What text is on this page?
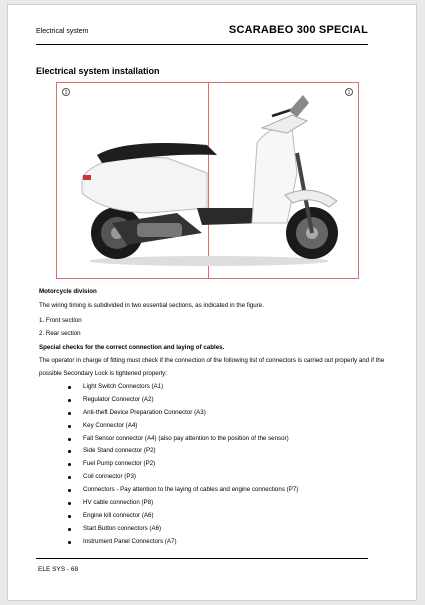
Electrical system	SCARABEO 300 SPECIAL
Electrical system installation
2	1
Motorcycle division
The wiring timing is subdivided in two essential sections, as indicated in the figure.
1. Front section
2. Rear section
Special checks for the correct connection and laying of cables.
The operator in charge of fitting must check if the connection of the following list of connectors is carried out properly and if the possible Secondary Lock is tightened properly:
Light Switch Connectors (A1)
Regulator Connector (A2)
Anti-theft Device Preparation Connector (A3)
Key Connector (A4)
Fall Sensor connector (A4) (also pay attention to the position of the sensor)
Side Stand connector (P2)
Fuel Pump connector (P2)
Coil connector (P3)
Connectors - Pay attention to the laying of cables and engine connections (P7)
HV cable connection (P8)
Engine kill connector (A6)
Start Button connectors (A6)
Instrument Panel Connectors (A7)
ELE SYS - 68
